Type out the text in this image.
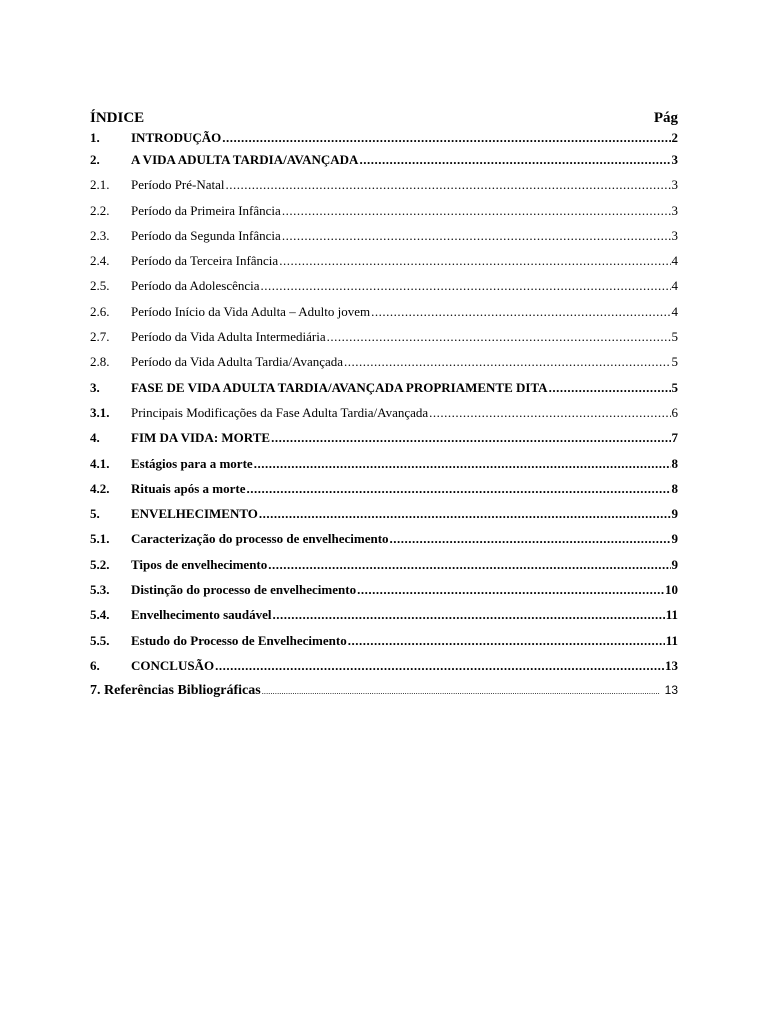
ÍNDICE	Pág
1.	INTRODUÇÃO .....	2
2.	A VIDA ADULTA TARDIA/AVANÇADA .....	3
2.1.	Período Pré-Natal .....	3
2.2.	Período da Primeira Infância .....	3
2.3.	Período da Segunda Infância .....	3
2.4.	Período da Terceira Infância .....	4
2.5.	Período da Adolescência .....	4
2.6.	Período Início da Vida Adulta – Adulto jovem .....	4
2.7.	Período da Vida Adulta Intermediária .....	5
2.8.	Período da Vida Adulta Tardia/Avançada .....	5
3.	FASE DE VIDA ADULTA TARDIA/AVANÇADA PROPRIAMENTE DITA .....	5
3.1.	Principais Modificações da Fase Adulta Tardia/Avançada .....	6
4.	FIM DA VIDA: MORTE .....	7
4.1.	Estágios para a morte .....	8
4.2.	Rituais após a morte .....	8
5.	ENVELHECIMENTO .....	9
5.1.	Caracterização do processo de envelhecimento .....	9
5.2.	Tipos de envelhecimento .....	9
5.3.	Distinção do processo de envelhecimento .....	10
5.4.	Envelhecimento saudável .....	11
5.5.	Estudo do Processo de Envelhecimento .....	11
6.	CONCLUSÃO .....	13
7. Referências Bibliográficas .....	13
